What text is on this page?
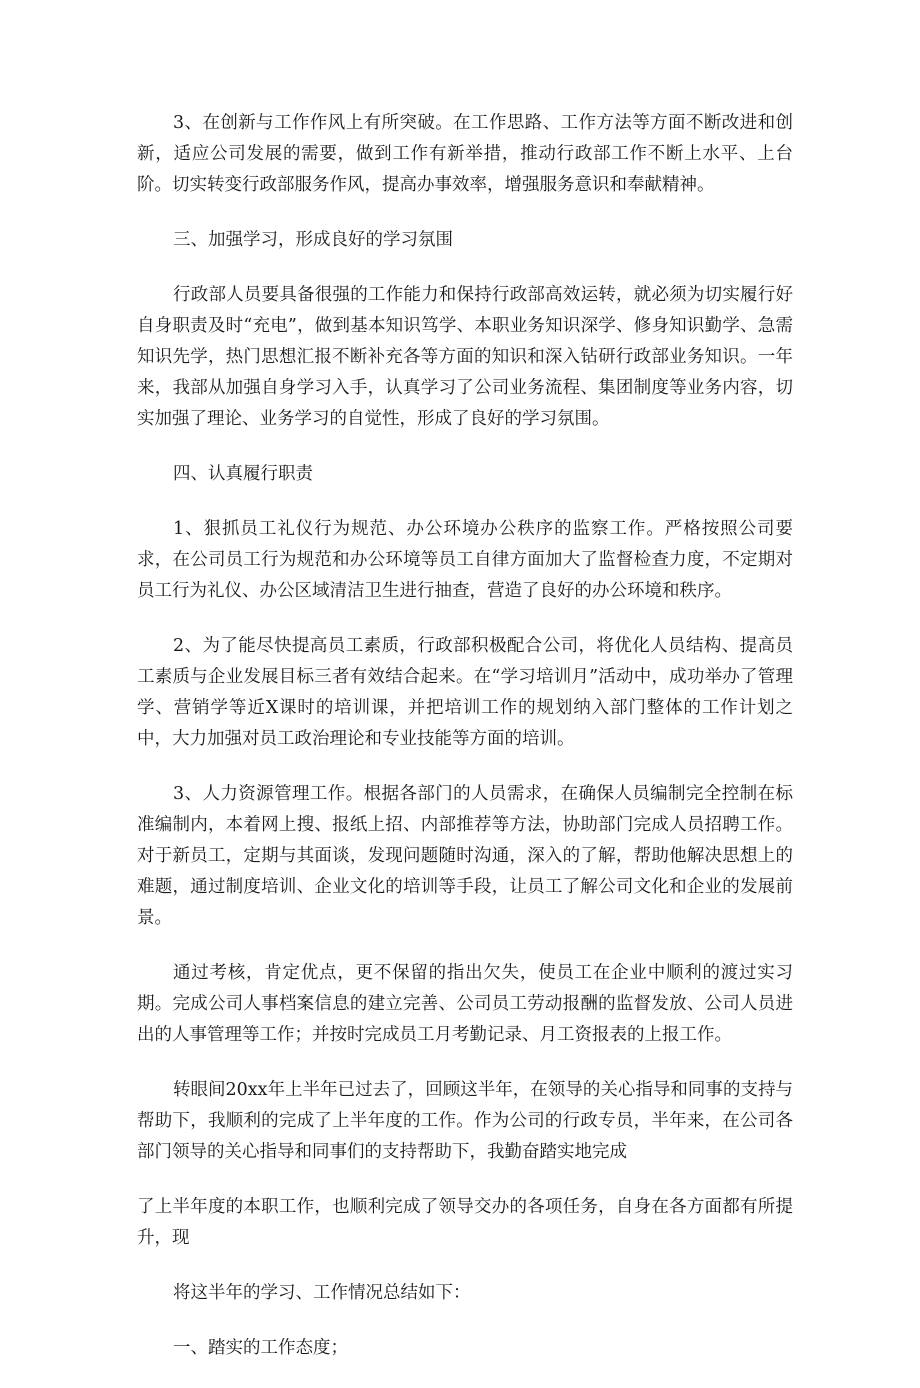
3、在创新与工作作风上有所突破。在工作思路、工作方法等方面不断改进和创新，适应公司发展的需要，做到工作有新举措，推动行政部工作不断上水平、上台阶。切实转变行政部服务作风，提高办事效率，增强服务意识和奉献精神。

三、加强学习，形成良好的学习氛围

行政部人员要具备很强的工作能力和保持行政部高效运转，就必须为切实履行好自身职责及时“充电”，做到基本知识笃学、本职业务知识深学、修身知识勤学、急需知识先学，热门思想汇报不断补充各等方面的知识和深入钻研行政部业务知识。一年来，我部从加强自身学习入手，认真学习了公司业务流程、集团制度等业务内容，切实加强了理论、业务学习的自觉性，形成了良好的学习氛围。

四、认真履行职责

1、狠抓员工礼仪行为规范、办公环境办公秩序的监察工作。严格按照公司要求，在公司员工行为规范和办公环境等员工自律方面加大了监督检查力度，不定期对员工行为礼仪、办公区域清洁卫生进行抽查，营造了良好的办公环境和秩序。

2、为了能尽快提高员工素质，行政部积极配合公司，将优化人员结构、提高员工素质与企业发展目标三者有效结合起来。在“学习培训月”活动中，成功举办了管理学、营销学等近X课时的培训课，并把培训工作的规划纳入部门整体的工作计划之中，大力加强对员工政治理论和专业技能等方面的培训。

3、人力资源管理工作。根据各部门的人员需求，在确保人员编制完全控制在标准编制内，本着网上搜、报纸上招、内部推荐等方法，协助部门完成人员招聘工作。对于新员工，定期与其面谈，发现问题随时沟通，深入的了解，帮助他解决思想上的难题，通过制度培训、企业文化的培训等手段，让员工了解公司文化和企业的发展前景。

通过考核，肯定优点，更不保留的指出欠失，使员工在企业中顺利的渡过实习期。完成公司人事档案信息的建立完善、公司员工劳动报酬的监督发放、公司人员进出的人事管理等工作；并按时完成员工月考勤记录、月工资报表的上报工作。

转眼间20xx年上半年已过去了，回顾这半年，在领导的关心指导和同事的支持与帮助下，我顺利的完成了上半年度的工作。作为公司的行政专员，半年来，在公司各部门领导的关心指导和同事们的支持帮助下，我勤奋踏实地完成

了上半年度的本职工作，也顺利完成了领导交办的各项任务，自身在各方面都有所提升，现

将这半年的学习、工作情况总结如下：

一、踏实的工作态度；
